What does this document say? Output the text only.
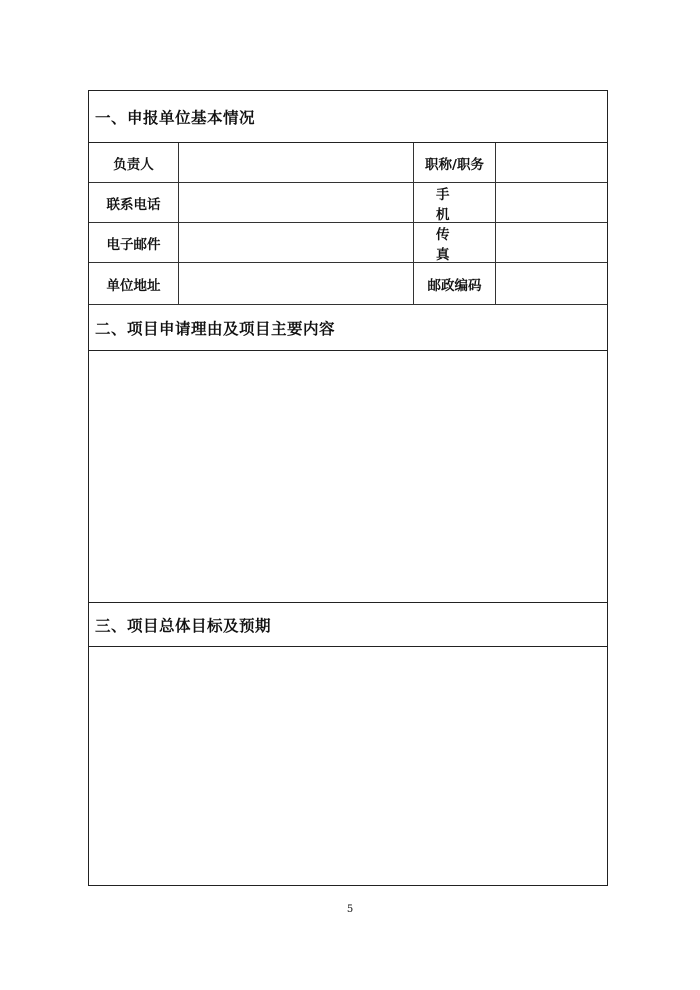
一、申报单位基本情况
负责人	职称/职务
联系电话
手机
电子邮件
传真
单位地址	邮政编码
二、项目申请理由及项目主要内容
三、项目总体目标及预期
5
